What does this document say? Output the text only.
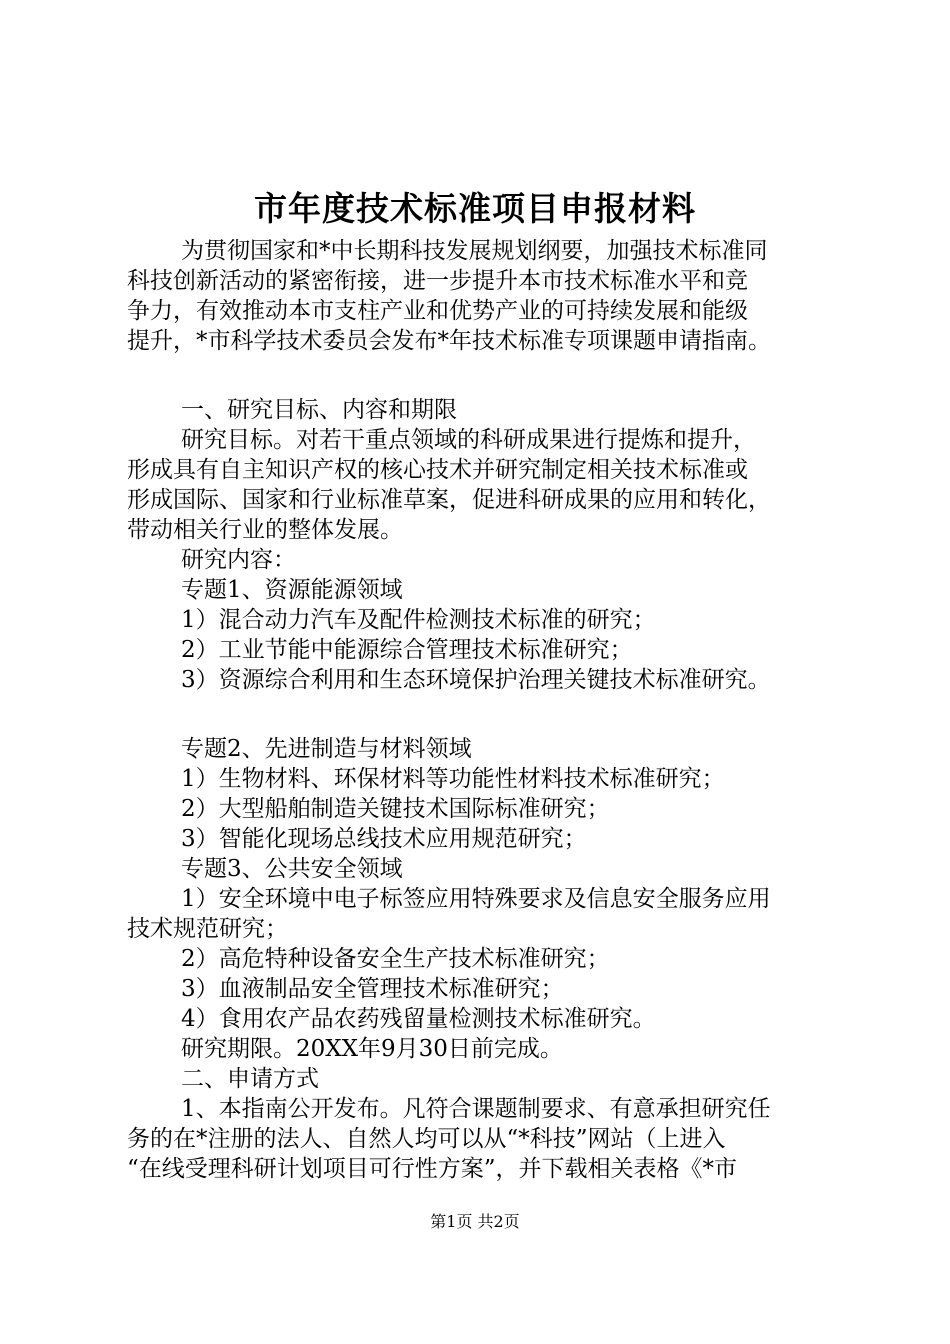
市年度技术标准项目申报材料
为贯彻国家和*中长期科技发展规划纲要，加强技术标准同
科技创新活动的紧密衔接，进一步提升本市技术标准水平和竞
争力，有效推动本市支柱产业和优势产业的可持续发展和能级
提升，*市科学技术委员会发布*年技术标准专项课题申请指南。
一、研究目标、内容和期限
研究目标。对若干重点领域的科研成果进行提炼和提升，
形成具有自主知识产权的核心技术并研究制定相关技术标准或
形成国际、国家和行业标准草案，促进科研成果的应用和转化，
带动相关行业的整体发展。
研究内容：
专题1、资源能源领域
1）混合动力汽车及配件检测技术标准的研究；
2）工业节能中能源综合管理技术标准研究；
3）资源综合利用和生态环境保护治理关键技术标准研究。
专题2、先进制造与材料领域
1）生物材料、环保材料等功能性材料技术标准研究；
2）大型船舶制造关键技术国际标准研究；
3）智能化现场总线技术应用规范研究；
专题3、公共安全领域
1）安全环境中电子标签应用特殊要求及信息安全服务应用
技术规范研究；
2）高危特种设备安全生产技术标准研究；
3）血液制品安全管理技术标准研究；
4）食用农产品农药残留量检测技术标准研究。
研究期限。20XX年9月30日前完成。
二、申请方式
1、本指南公开发布。凡符合课题制要求、有意承担研究任
务的在*注册的法人、自然人均可以从“*科技”网站（上进入
“在线受理科研计划项目可行性方案”，并下载相关表格《*市
第1页 共2页
